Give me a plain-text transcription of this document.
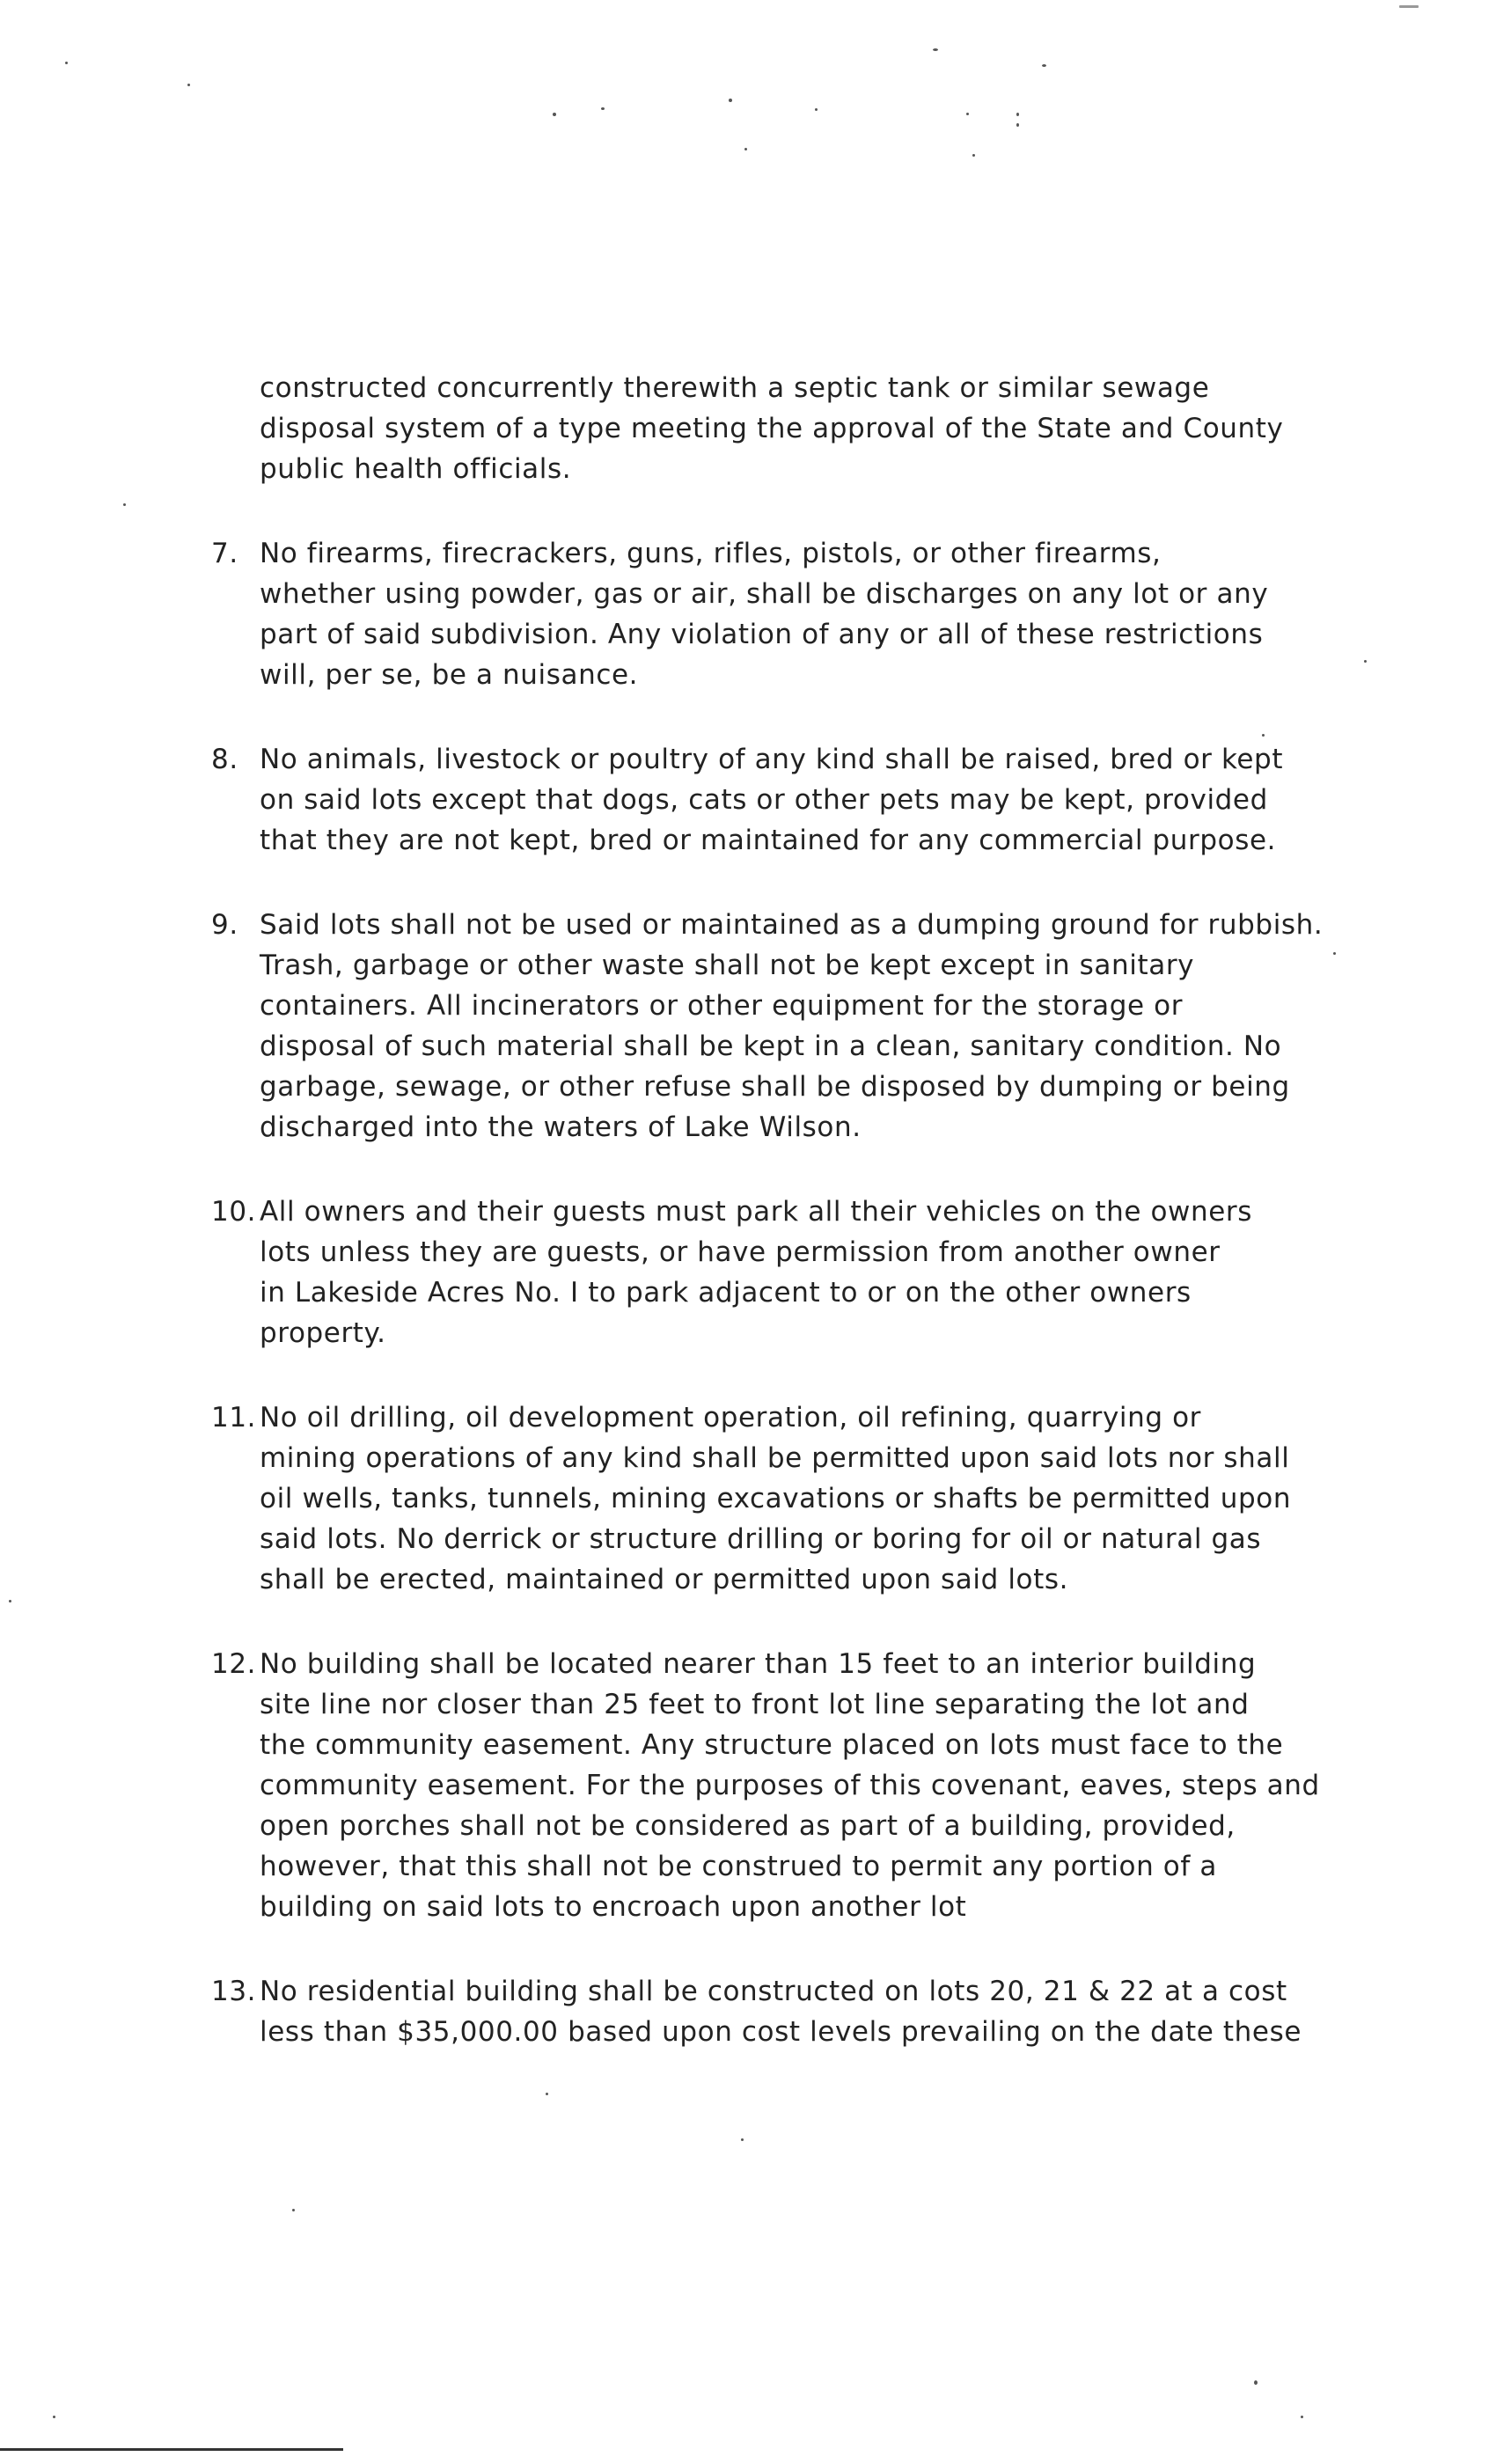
constructed concurrently therewith a septic tank or similar sewage
disposal system of a type meeting the approval of the State and County
public health officials.
7. No firearms, firecrackers, guns, rifles, pistols, or other firearms,
whether using powder, gas or air, shall be discharges on any lot or any
part of said subdivision. Any violation of any or all of these restrictions
will, per se, be a nuisance.
8. No animals, livestock or poultry of any kind shall be raised, bred or kept
on said lots except that dogs, cats or other pets may be kept, provided
that they are not kept, bred or maintained for any commercial purpose.
9. Said lots shall not be used or maintained as a dumping ground for rubbish.
Trash, garbage or other waste shall not be kept except in sanitary
containers. All incinerators or other equipment for the storage or
disposal of such material shall be kept in a clean, sanitary condition. No
garbage, sewage, or other refuse shall be disposed by dumping or being
discharged into the waters of Lake Wilson.
10. All owners and their guests must park all their vehicles on the owners
lots unless they are guests, or have permission from another owner
in Lakeside Acres No. I to park adjacent to or on the other owners
property.
11. No oil drilling, oil development operation, oil refining, quarrying or
mining operations of any kind shall be permitted upon said lots nor shall
oil wells, tanks, tunnels, mining excavations or shafts be permitted upon
said lots. No derrick or structure drilling or boring for oil or natural gas
shall be erected, maintained or permitted upon said lots.
12. No building shall be located nearer than 15 feet to an interior building
site line nor closer than 25 feet to front lot line separating the lot and
the community easement. Any structure placed on lots must face to the
community easement. For the purposes of this covenant, eaves, steps and
open porches shall not be considered as part of a building, provided,
however, that this shall not be construed to permit any portion of a
building on said lots to encroach upon another lot
13. No residential building shall be constructed on lots 20, 21 & 22 at a cost
less than $35,000.00 based upon cost levels prevailing on the date these
